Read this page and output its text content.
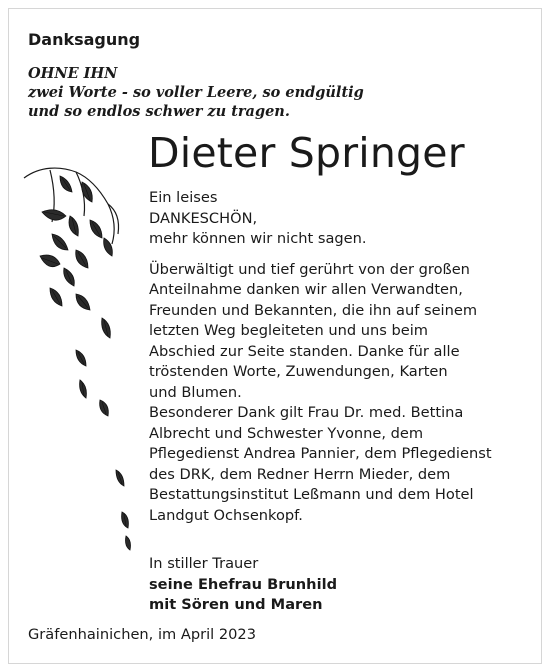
Danksagung
OHNE IHN
zwei Worte - so voller Leere, so endgültig
und so endlos schwer zu tragen.
Dieter Springer
Ein leises
DANKESCHÖN,
mehr können wir nicht sagen.
Überwältigt und tief gerührt von der großen
Anteilnahme danken wir allen Verwandten,
Freunden und Bekannten, die ihn auf seinem
letzten Weg begleiteten und uns beim
Abschied zur Seite standen. Danke für alle
tröstenden Worte, Zuwendungen, Karten
und Blumen.
Besonderer Dank gilt Frau Dr. med. Bettina
Albrecht und Schwester Yvonne, dem
Pflegedienst Andrea Pannier, dem Pflegedienst
des DRK, dem Redner Herrn Mieder, dem
Bestattungsinstitut Leßmann und dem Hotel
Landgut Ochsenkopf.
In stiller Trauer
seine Ehefrau Brunhild
mit Sören und Maren
Gräfenhainichen, im April 2023
